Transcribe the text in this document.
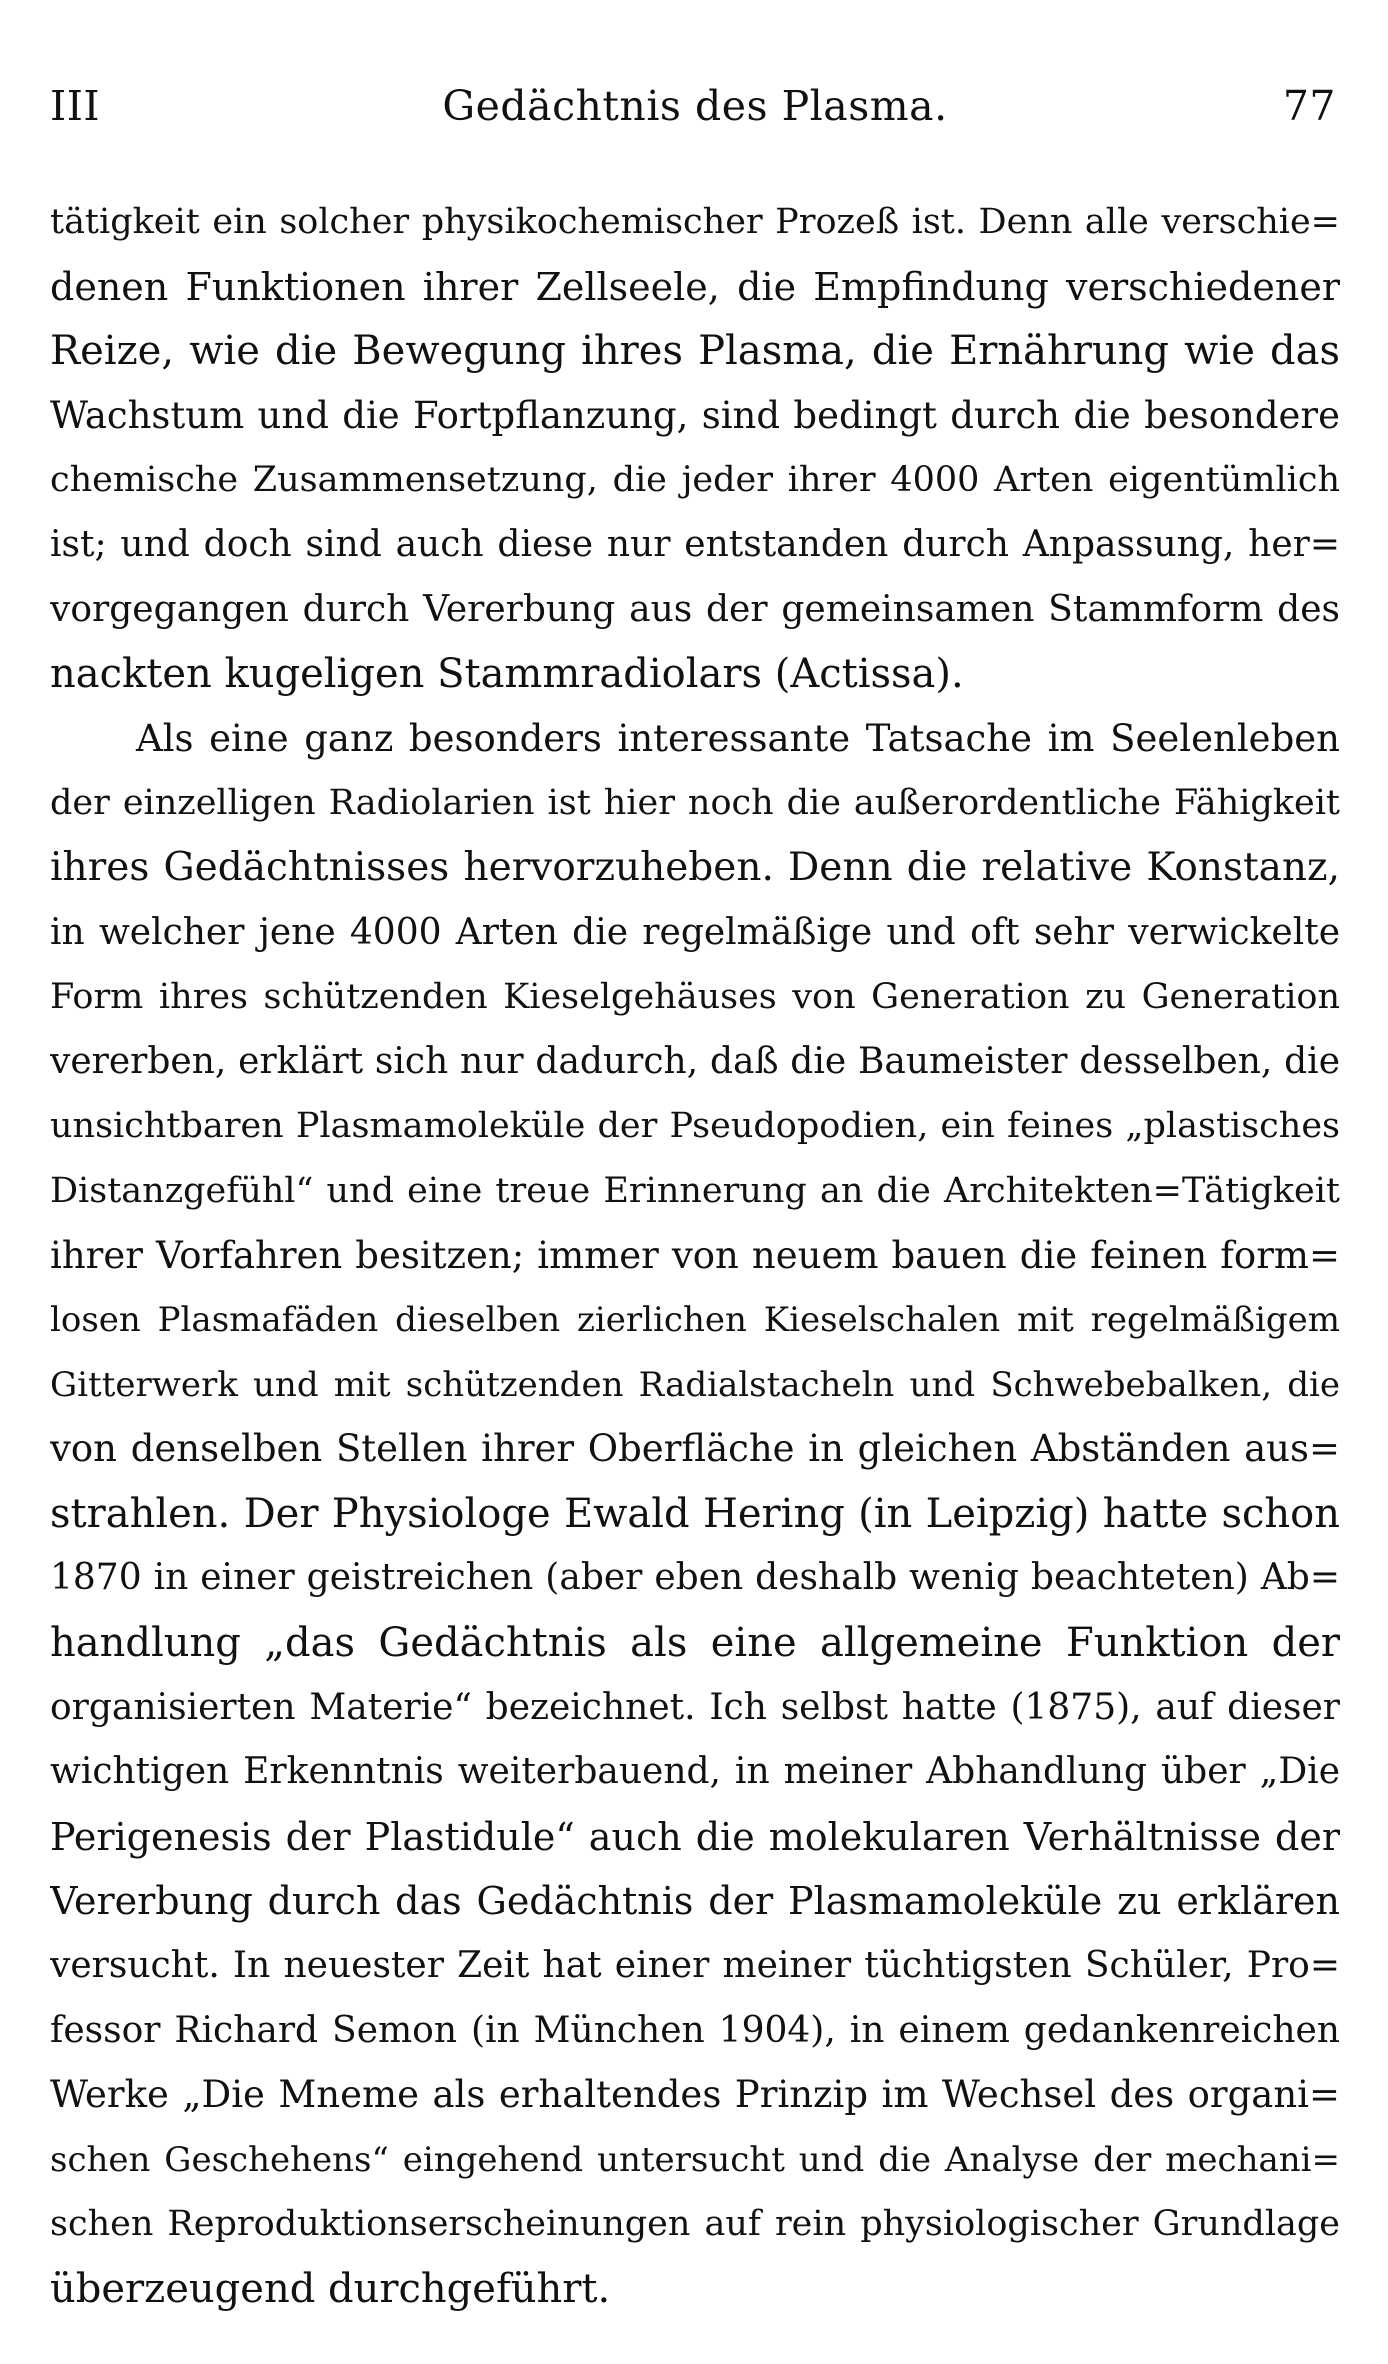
III	Gedächtnis des Plasma.	77
tätigkeit ein solcher physikochemischer Prozeß ist. Denn alle verschie=
denen Funktionen ihrer Zellseele, die Empfindung verschiedener
Reize, wie die Bewegung ihres Plasma, die Ernährung wie das
Wachstum und die Fortpflanzung, sind bedingt durch die besondere
chemische Zusammensetzung, die jeder ihrer 4000 Arten eigentümlich
ist; und doch sind auch diese nur entstanden durch Anpassung, her=
vorgegangen durch Vererbung aus der gemeinsamen Stammform des
nackten kugeligen Stammradiolars (Actissa).
Als eine ganz besonders interessante Tatsache im Seelenleben
der einzelligen Radiolarien ist hier noch die außerordentliche Fähigkeit
ihres Gedächtnisses hervorzuheben. Denn die relative Konstanz,
in welcher jene 4000 Arten die regelmäßige und oft sehr verwickelte
Form ihres schützenden Kieselgehäuses von Generation zu Generation
vererben, erklärt sich nur dadurch, daß die Baumeister desselben, die
unsichtbaren Plasmamoleküle der Pseudopodien, ein feines „plastisches
Distanzgefühl“ und eine treue Erinnerung an die Architekten=Tätigkeit
ihrer Vorfahren besitzen; immer von neuem bauen die feinen form=
losen Plasmafäden dieselben zierlichen Kieselschalen mit regelmäßigem
Gitterwerk und mit schützenden Radialstacheln und Schwebebalken, die
von denselben Stellen ihrer Oberfläche in gleichen Abständen aus=
strahlen. Der Physiologe Ewald Hering (in Leipzig) hatte schon
1870 in einer geistreichen (aber eben deshalb wenig beachteten) Ab=
handlung „das Gedächtnis als eine allgemeine Funktion der
organisierten Materie“ bezeichnet. Ich selbst hatte (1875), auf dieser
wichtigen Erkenntnis weiterbauend, in meiner Abhandlung über „Die
Perigenesis der Plastidule“ auch die molekularen Verhältnisse der
Vererbung durch das Gedächtnis der Plasmamoleküle zu erklären
versucht. In neuester Zeit hat einer meiner tüchtigsten Schüler, Pro=
fessor Richard Semon (in München 1904), in einem gedankenreichen
Werke „Die Mneme als erhaltendes Prinzip im Wechsel des organi=
schen Geschehens“ eingehend untersucht und die Analyse der mechani=
schen Reproduktionserscheinungen auf rein physiologischer Grundlage
überzeugend durchgeführt.
